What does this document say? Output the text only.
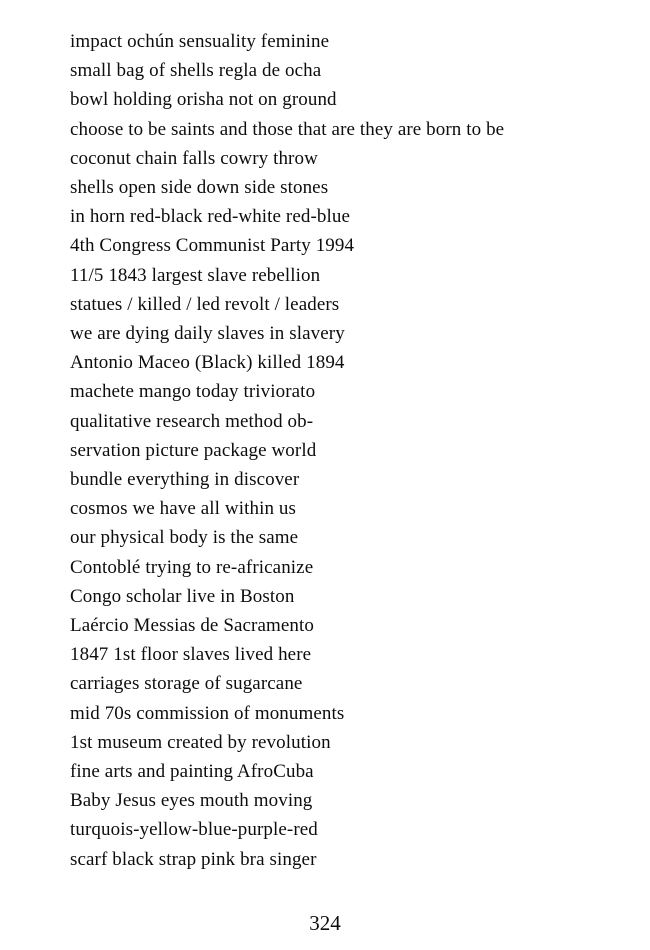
impact ochún sensuality feminine
small bag of shells regla de ocha
bowl holding orisha not on ground
choose to be saints and those that are they are born to be
coconut chain falls cowry throw
shells open side down side stones
in horn red-black red-white red-blue
4th Congress Communist Party 1994
11/5 1843 largest slave rebellion
statues / killed / led revolt / leaders
we are dying daily slaves in slavery
Antonio Maceo (Black) killed 1894
machete mango today triviorato
qualitative research method ob-
servation picture package world
bundle everything in discover
cosmos we have all within us
our physical body is the same
Contoblé trying to re-africanize
Congo scholar live in Boston
Laércio Messias de Sacramento
1847 1st floor slaves lived here
carriages storage of sugarcane
mid 70s commission of monuments
1st museum created by revolution
fine arts and painting AfroCuba
Baby Jesus eyes mouth moving
turquois-yellow-blue-purple-red
scarf black strap pink bra singer
324
